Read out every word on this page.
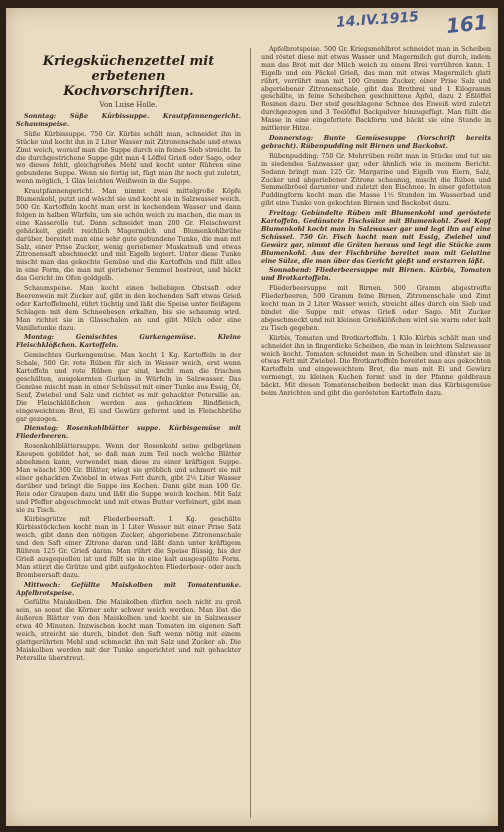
14.IV.1915 161
Kriegsküchenzettel mit erbetenen
Kochvorschriften.
Von Luise Holle.

Sonntag: Süße Kürbissuppe. Krautpfannengericht. Schaumspeise.

Süße Kürbissuppe. 750 Gr. Kürbis schält man, schneidet ihn in Stücke und kocht ihn in 2 Liter Wasser mit Zitronenschale und etwas Zimt weich, worauf man die Suppe durch ein feines Sieb streicht. In die durchgestrichene Suppe gibt man 4 Löffel Grieß oder Sago, oder wo dieses fehlt, gleichgroßes Mehl und kocht unter Rühren eine gebundene Suppe. Wenn sie fertig ist, fügt man ihr noch gut zuletzt, wenn möglich, 1 Glas leichten Weißwein in die Suppe.

Krautpfannengericht. Man nimmt zwei mittelgroße Köpfe Blumenkohl, putzt und wäscht sie und kocht sie in Salzwasser weich. 500 Gr. Kartoffeln kocht man erst in kochendem Wasser und dann folgen in halben Würfeln, um sie schön weich zu machen, die man in eine Kasserolle tut. Dann schneidet man 200 Gr. Fleischwurst gehäckelt, gießt reichlich Magermilch und Blumenkohlbrühe darüber, bereitet man eine sehr gute gebundene Tunke, die man mit Salz, einer Prise Zucker, wenig geriebener Muskatnuß und etwas Zitronensaft abschmeckt und mit Eigelb legiert. Unter diese Tunke mischt man das gekochte Gemüse und die Kartoffeln und füllt alles in eine Form, die man mit geriebener Semmel bestreut, und bäckt das Gericht im Ofen goldgelb.

Schaumspeise. Man kocht einen beliebigen Obstsaft oder Beerenwein mit Zucker auf, gibt in den kochenden Saft etwas Grieß oder Kartoffelmehl, rührt tüchtig und läßt die Speise unter fleißigem Schlagen mit dem Schneebesen erkalten, bis sie schaumig wird. Man richtet sie in Glasschalen an und gibt Milch oder eine Vanilletunke dazu.

Montag: Gemischtes Gurkengemüse. Kleine Fleischklößchen. Kartoffeln.

Gemischtes Gurkengemüse. Man kocht 1 Kg. Kartoffeln in der Schale, 500 Gr. rote Rüben für sich in Wasser weich, erst wenn Kartoffeln und rote Rüben gar sind, kocht man die frischen geschälten, ausgekernten Gurken in Würfeln in Salzwasser. Das Gemüse mischt man in einer Schüssel mit einer Tunke aus Essig, Öl, Senf, Zwiebel und Salz und richtet es mit gehackter Petersilie an. Die Fleischklößchen werden aus gehacktem Rindfleisch, eingeweichtem Brot, Ei und Gewürz geformt und in Fleischbrühe gar gezogen.

Dienstag: Rosenkohlblätter suppe. Kürbisgemüse mit Fliederbeeren.

Rosenkohlblättersuppe. Wenn der Rosenkohl seine gelbgrünen Knospen gebildet hat, so daß man zum Teil noch welche Blätter abnehmen kann, verwendet man diese zu einer kräftigen Suppe. Man wäscht 300 Gr. Blätter, wiegt sie gröblich und schmort sie mit einer gehackten Zwiebel in etwas Fett durch, gibt 2½ Liter Wasser darüber und bringt die Suppe ins Kochen. Dann gibt man 100 Gr. Reis oder Graupen dazu und läßt die Suppe weich kochen. Mit Salz und Pfeffer abgeschmeckt und mit etwas Butter verfeinert, gibt man sie zu Tisch.

Kürbisgrütze mit Fliederbeersaft. 1 Kg. geschälte Kürbisstückchen kocht man in 1 Liter Wasser mit einer Prise Salz weich, gibt dann den nötigen Zucker, abgeriebene Zitronenschale und den Saft einer Zitrone daran und läßt dann unter kräftigem Rühren 125 Gr. Grieß daran. Man rührt die Speise flüssig, bis der Grieß ausgequollen ist und füllt sie in eine kalt ausgespülte Form. Man stürzt die Grütze und gibt aufgekochten Fliederbeer- oder auch Brombeersaft dazu.

Mittwoch: Gefüllte Maiskolben mit Tomatentunke. Apfelbrotspeise.

Gefüllte Maiskolben. Die Maiskolben dürfen noch nicht zu groß sein, so sonst die Körner sehr schwer weich werden. Man löst die äußeren Blätter von den Maiskolben und kocht sie in Salzwasser etwa 40 Minuten. Inzwischen kocht man Tomaten im eigenen Saft weich, streicht sie durch, bindet den Saft wenn nötig mit einem glattgerührten Mehl und schmeckt ihn mit Salz und Zucker ab. Die Maiskolben werden mit der Tunke angerichtet und mit gehackter Petersilie überstreut.

Apfelbrotspeise. 500 Gr. Kriegsmehlbrot schneidet man in Scheiben und röstet diese mit etwas Wasser und Magermilch gut durch, indem man das Brot mit der Milch weich zu einem Brei verrühren kann. 1 Eigelb und ein Päckel Grieß, das man mit etwas Magermilch glatt rührt, verrührt man mit 100 Gramm Zucker, einer Prise Salz und abgeriebener Zitronenschale, gibt das Brotbrei und 1 Kilogramm geschälte, in feine Scheibchen geschnittene Äpfel, dazu 2 Eßlöffel Rosinen dazu. Der steif geschlagene Schnee des Eiweiß wird zuletzt durchgezogen und 3 Teelöffel Backpulver hinzugefügt. Man füllt die Masse in eine eingefettete Backform und bäckt sie eine Stunde in mittlerer Hitze.

Donnerstag: Bunte Gemüsesuppe (Vorschrift bereits gebracht). Rübenpudding mit Birnen und Backobst.

Rübenpudding: 750 Gr. Mohrrüben reibt man in Stücke und tut sie in siedendes Salzwasser gar, oder ähnlich wie in meinem Bericht. Sodann bringt man 125 Gr. Margarine und Eigelb von Eiern, Salz, Zucker und abgeriebener Zitrone schaumig, mischt die Rüben und Semmelbrösel darunter und zuletzt den Eischnee. In einer gefetteten Puddingform kocht man die Masse 1½ Stunden im Wasserbad und gibt eine Tunke von gekochten Birnen und Backobst dazu.

Freitag: Gebündelte Rüben mit Blumenkohl und geröstete Kartoffeln. Gedünstete Fischsülze mit Blumenkohl. Zwei Kopf Blumenkohl kocht man in Salzwasser gar und legt ihn auf eine Schüssel. 750 Gr. Fisch kocht man mit Essig, Zwiebel und Gewürz gar, nimmt die Gräten heraus und legt die Stücke zum Blumenkohl. Aus der Fischbrühe bereitet man mit Gelatine eine Sülze, die man über das Gericht gießt und erstarren läßt.

Sonnabend: Fliederbeersuppe mit Birnen. Kürbis, Tomaten und Brotkartoffeln.

Fliederbeersuppe mit Birnen. 500 Gramm abgestreifte Fliederbeeren, 500 Gramm feine Birnen, Zitronenschale und Zimt kocht man in 2 Liter Wasser weich, streicht alles durch ein Sieb und bindet die Suppe mit etwas Grieß oder Sago. Mit Zucker abgeschmeckt und mit kleinen Grießklößchen wird sie warm oder kalt zu Tisch gegeben.

Kürbis, Tomaten und Brotkartoffeln. 1 Kilo Kürbis schält man und schneidet ihn in fingerdicke Scheiben, die man in leichtem Salzwasser weich kocht. Tomaten schneidet man in Scheiben und dünstet sie in etwas Fett mit Zwiebel. Die Brotkartoffeln bereitet man aus gekochten Kartoffeln und eingeweichtem Brot, die man mit Ei und Gewürz vermengt, zu kleinen Kuchen formt und in der Pfanne goldbraun bäckt. Mit diesen Tomatenscheiben bedeckt man das Kürbisgemüse beim Anrichten und gibt die gerösteten Kartoffeln dazu.
